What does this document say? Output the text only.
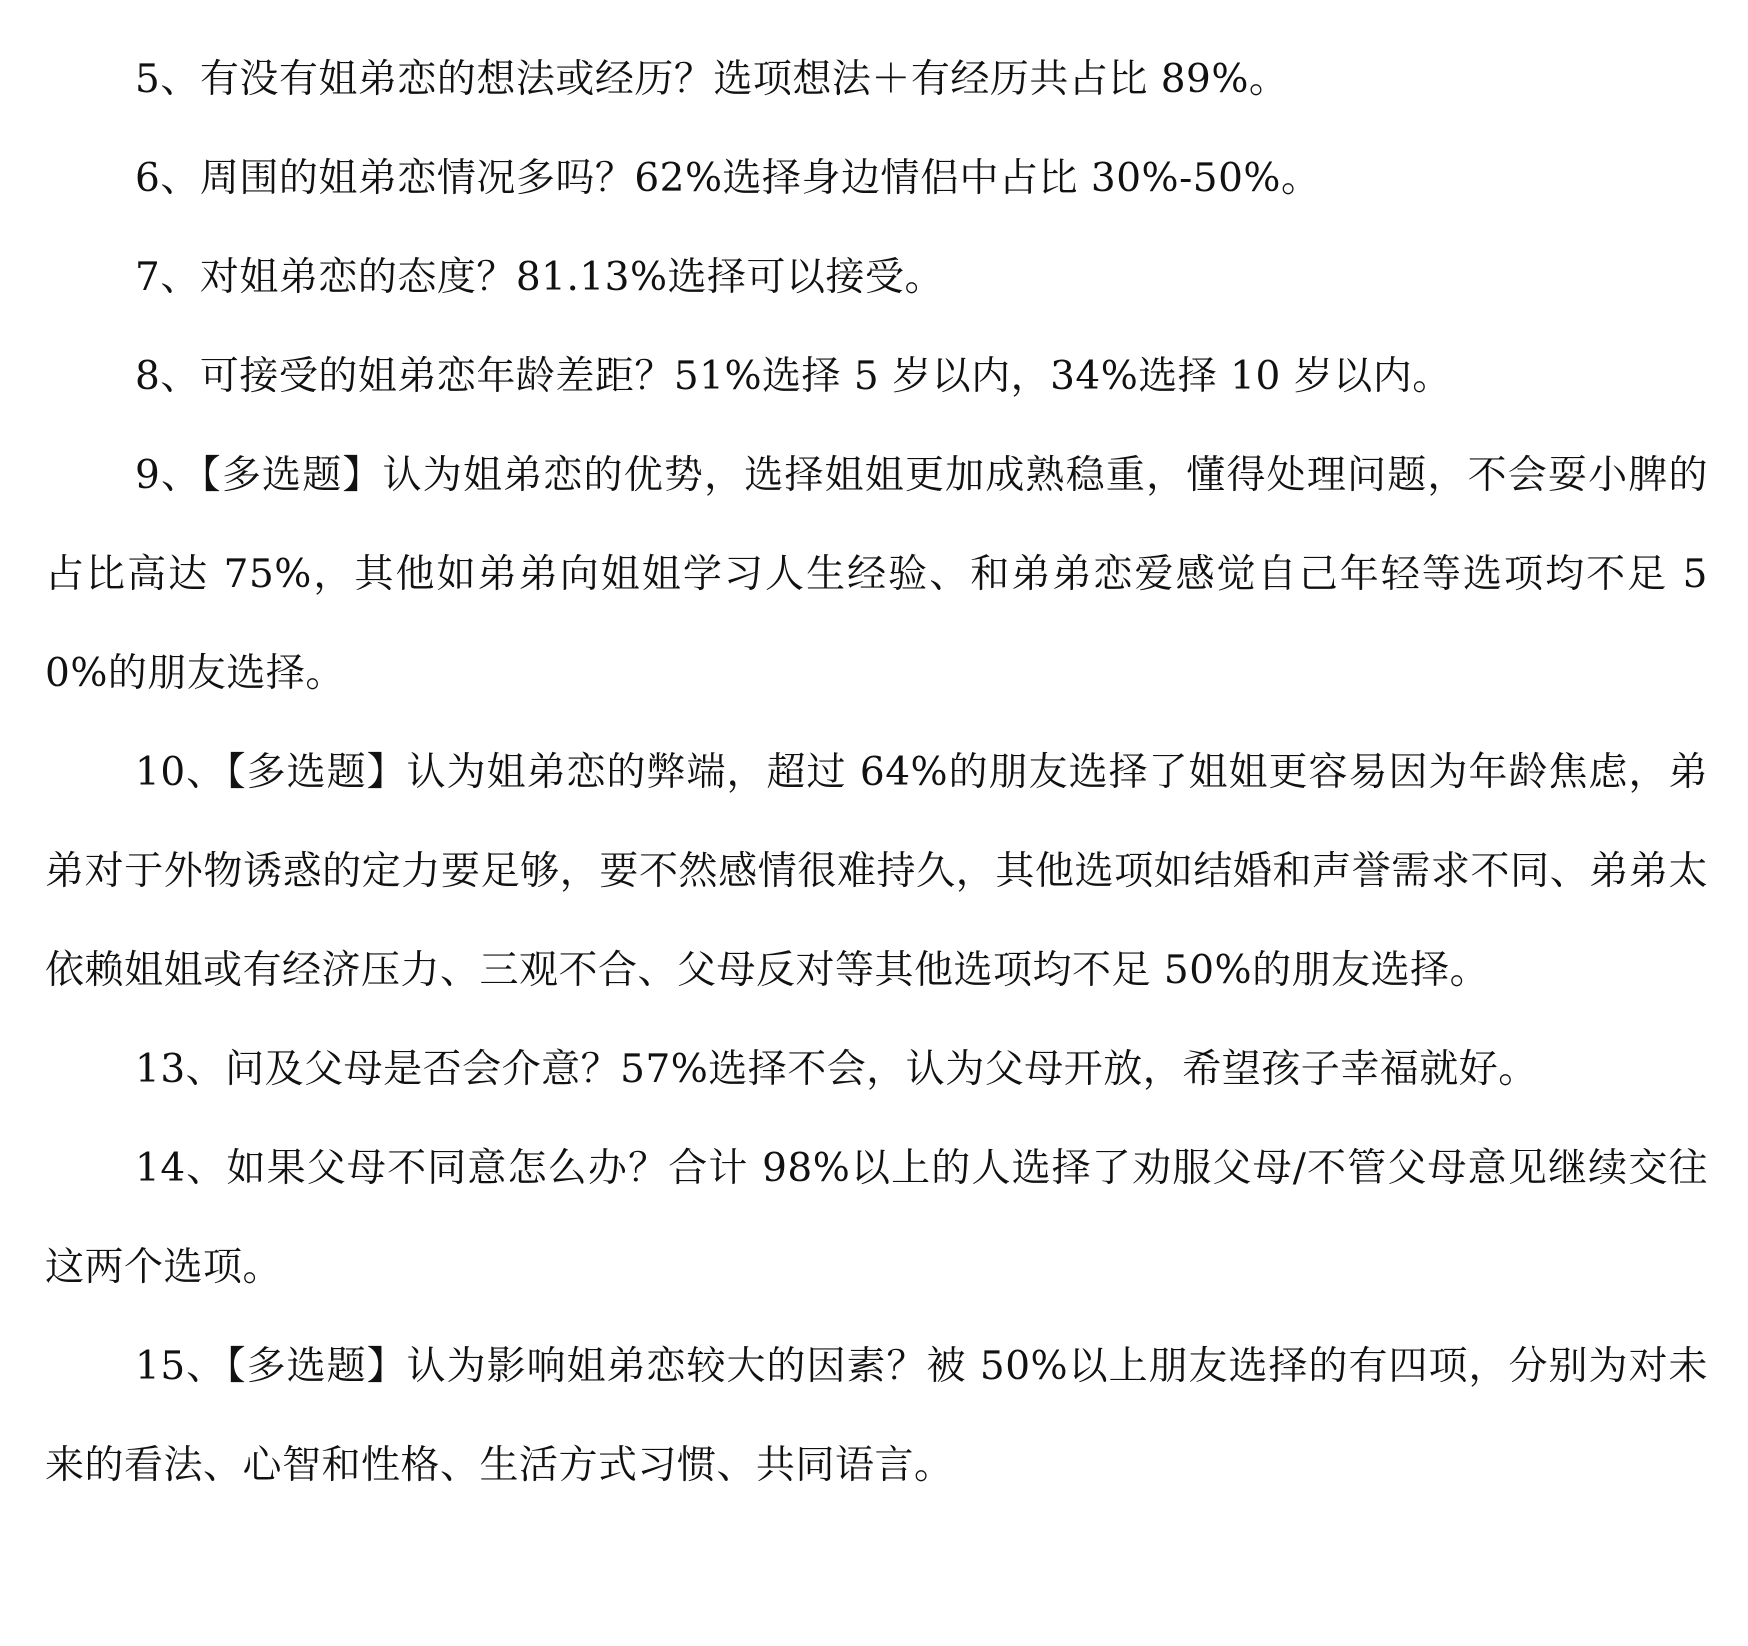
5、有没有姐弟恋的想法或经历？选项想法＋有经历共占比 89%。

6、周围的姐弟恋情况多吗？62%选择身边情侣中占比 30%-50%。

7、对姐弟恋的态度？81.13%选择可以接受。

8、可接受的姐弟恋年龄差距？51%选择 5 岁以内，34%选择 10 岁以内。

9、【多选题】认为姐弟恋的优势，选择姐姐更加成熟稳重，懂得处理问题，不会耍小脾的占比高达 75%，其他如弟弟向姐姐学习人生经验、和弟弟恋爱感觉自己年轻等选项均不足 50%的朋友选择。

10、【多选题】认为姐弟恋的弊端，超过 64%的朋友选择了姐姐更容易因为年龄焦虑，弟弟对于外物诱惑的定力要足够，要不然感情很难持久，其他选项如结婚和声誉需求不同、弟弟太依赖姐姐或有经济压力、三观不合、父母反对等其他选项均不足 50%的朋友选择。

13、问及父母是否会介意？57%选择不会，认为父母开放，希望孩子幸福就好。

14、如果父母不同意怎么办？合计 98%以上的人选择了劝服父母/不管父母意见继续交往这两个选项。

15、【多选题】认为影响姐弟恋较大的因素？被 50%以上朋友选择的有四项，分别为对未来的看法、心智和性格、生活方式习惯、共同语言。
